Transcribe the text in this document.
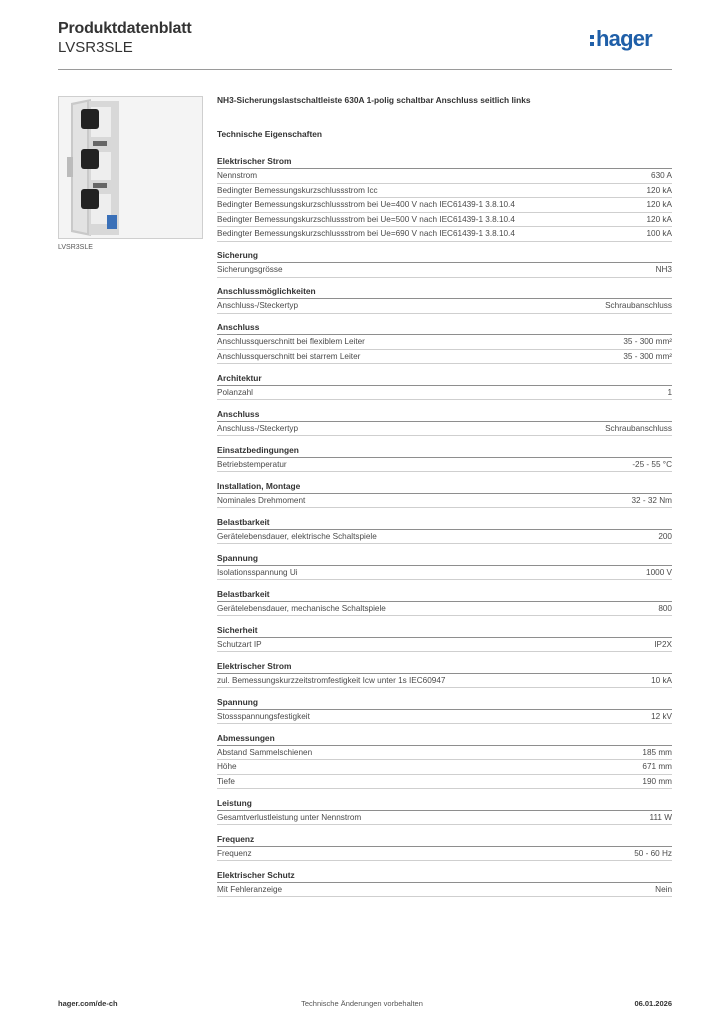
Produktdatenblatt
LVSR3SLE	hager
LVSR3SLE
NH3-Sicherungslastschaltleiste 630A 1-polig schaltbar Anschluss seitlich links
Technische Eigenschaften
Elektrischer Strom
Nennstrom	630 A
Bedingter Bemessungskurzschlussstrom Icc	120 kA
Bedingter Bemessungskurzschlussstrom bei Ue=400 V nach IEC61439-1 3.8.10.4	120 kA
Bedingter Bemessungskurzschlussstrom bei Ue=500 V nach IEC61439-1 3.8.10.4	120 kA
Bedingter Bemessungskurzschlussstrom bei Ue=690 V nach IEC61439-1 3.8.10.4	100 kA
Sicherung
Sicherungsgrösse	NH3
Anschlussmöglichkeiten
Anschluss-/Steckertyp	Schraubanschluss
Anschluss
Anschlussquerschnitt bei flexiblem Leiter	35 - 300 mm²
Anschlussquerschnitt bei starrem Leiter	35 - 300 mm²
Architektur
Polanzahl	1
Anschluss
Anschluss-/Steckertyp	Schraubanschluss
Einsatzbedingungen
Betriebstemperatur	-25 - 55 °C
Installation, Montage
Nominales Drehmoment	32 - 32 Nm
Belastbarkeit
Gerätelebensdauer, elektrische Schaltspiele	200
Spannung
Isolationsspannung Ui	1000 V
Belastbarkeit
Gerätelebensdauer, mechanische Schaltspiele	800
Sicherheit
Schutzart IP	IP2X
Elektrischer Strom
zul. Bemessungskurzzeitstromfestigkeit Icw unter 1s IEC60947	10 kA
Spannung
Stossspannungsfestigkeit	12 kV
Abmessungen
Abstand Sammelschienen	185 mm
Höhe	671 mm
Tiefe	190 mm
Leistung
Gesamtverlustleistung unter Nennstrom	111 W
Frequenz
Frequenz	50 - 60 Hz
Elektrischer Schutz
Mit Fehleranzeige	Nein
hager.com/de-ch	Technische Änderungen vorbehalten	06.01.2026
